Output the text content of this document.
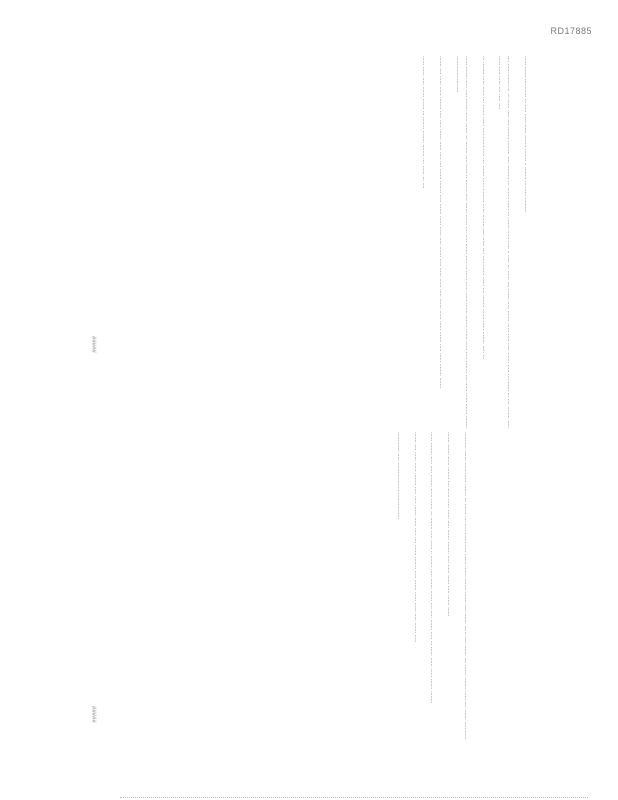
RD17885
#####
#####

...... ....... ............ ... ..... ...... ...... ........ ........ .. ........ ... ...... ..........

.... ...... ........ .. ... ...... ..... .... ........ ......... ..... ......... ... ........ ...... ... ....... ...... ..... .. ..... ... ...... .... ....... ..... ....... ...... ..... ..... ....... ..... .... ...... ... .... ........ ..... ...... ..... ...... .... ..... ....

... ........ ...... ...... .... ....... ...... ..... ....... ..... .... ....... ...... ......... ...... ........ ..... ...... .... ..... ....... ...... .... ........ ....... ...... ........ ..... ...

...... ........ ..... ..... ........ ...... ....... ... ........ ..... ...... .. ........ ..... ....... ....... .... ..... ....... ..... ... ...... ...... ...... ....... ........ ....... ...... ..... ........ .... ...... ...... ....... ........ ...... ....... .........

....... .... ...... ...... ........ ..... ..... ....... ...... ..... .... ....... ........ ..... ....... ...... ...... ..... ....... ..... ...... ...... ..... ....... ...... ...... ....... ..... ...... ........ .......

...... ...... ..... ....... ....... ... ........ ........ ........ .... ...... ... ....

...... .... ....... ...... ...... ........ ... ....... .... ..... ....... ..... ....... ....... ........ ....... ..... ....... ...... ..... ....... .... ....... ........ ...... .... ....... ..... ......

....... ....... ...... ........ .... ...... ...... ...... ..... ....... ........ ..... ...... ...... ..... ....... ......

...... ........ ..... ..... ........ ...... ....... ... ........ ..... ...... .. ........ ..... ....... ....... .... ..... ....... ..... ... ...... ...... ...... ....... ........

....... .... ...... ...... ........ ..... ..... ....... ...... ..... .... ....... ........ ..... ....... ...... ...... ..... ....... .....

...... ...... ..... ....... ....... ... ........ ........
